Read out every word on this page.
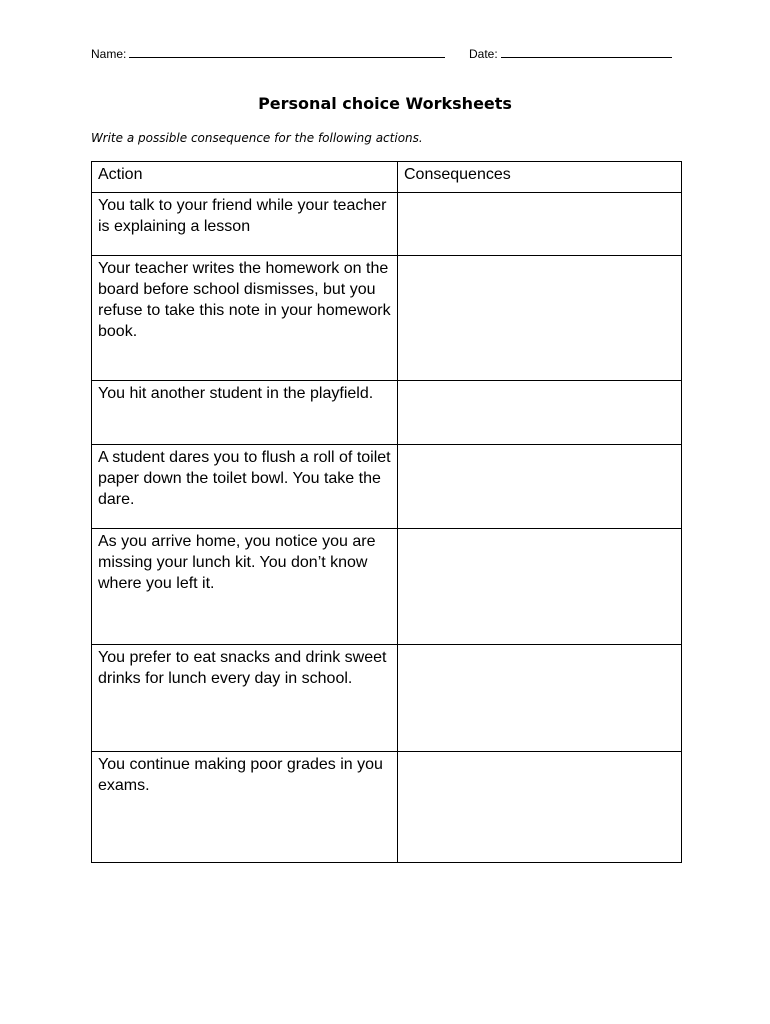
Name:	Date:
Personal choice Worksheets
Write a possible consequence for the following actions.
Action	Consequences
You talk to your friend while your teacher is explaining a lesson	
Your teacher writes the homework on the board before school dismisses, but you refuse to take this note in your homework book.	
You hit another student in the playfield.	
A student dares you to flush a roll of toilet paper down the toilet bowl. You take the dare.	
As you arrive home, you notice you are missing your lunch kit. You don’t know where you left it.	
You prefer to eat snacks and drink sweet drinks for lunch every day in school.	
You continue making poor grades in you exams.	
